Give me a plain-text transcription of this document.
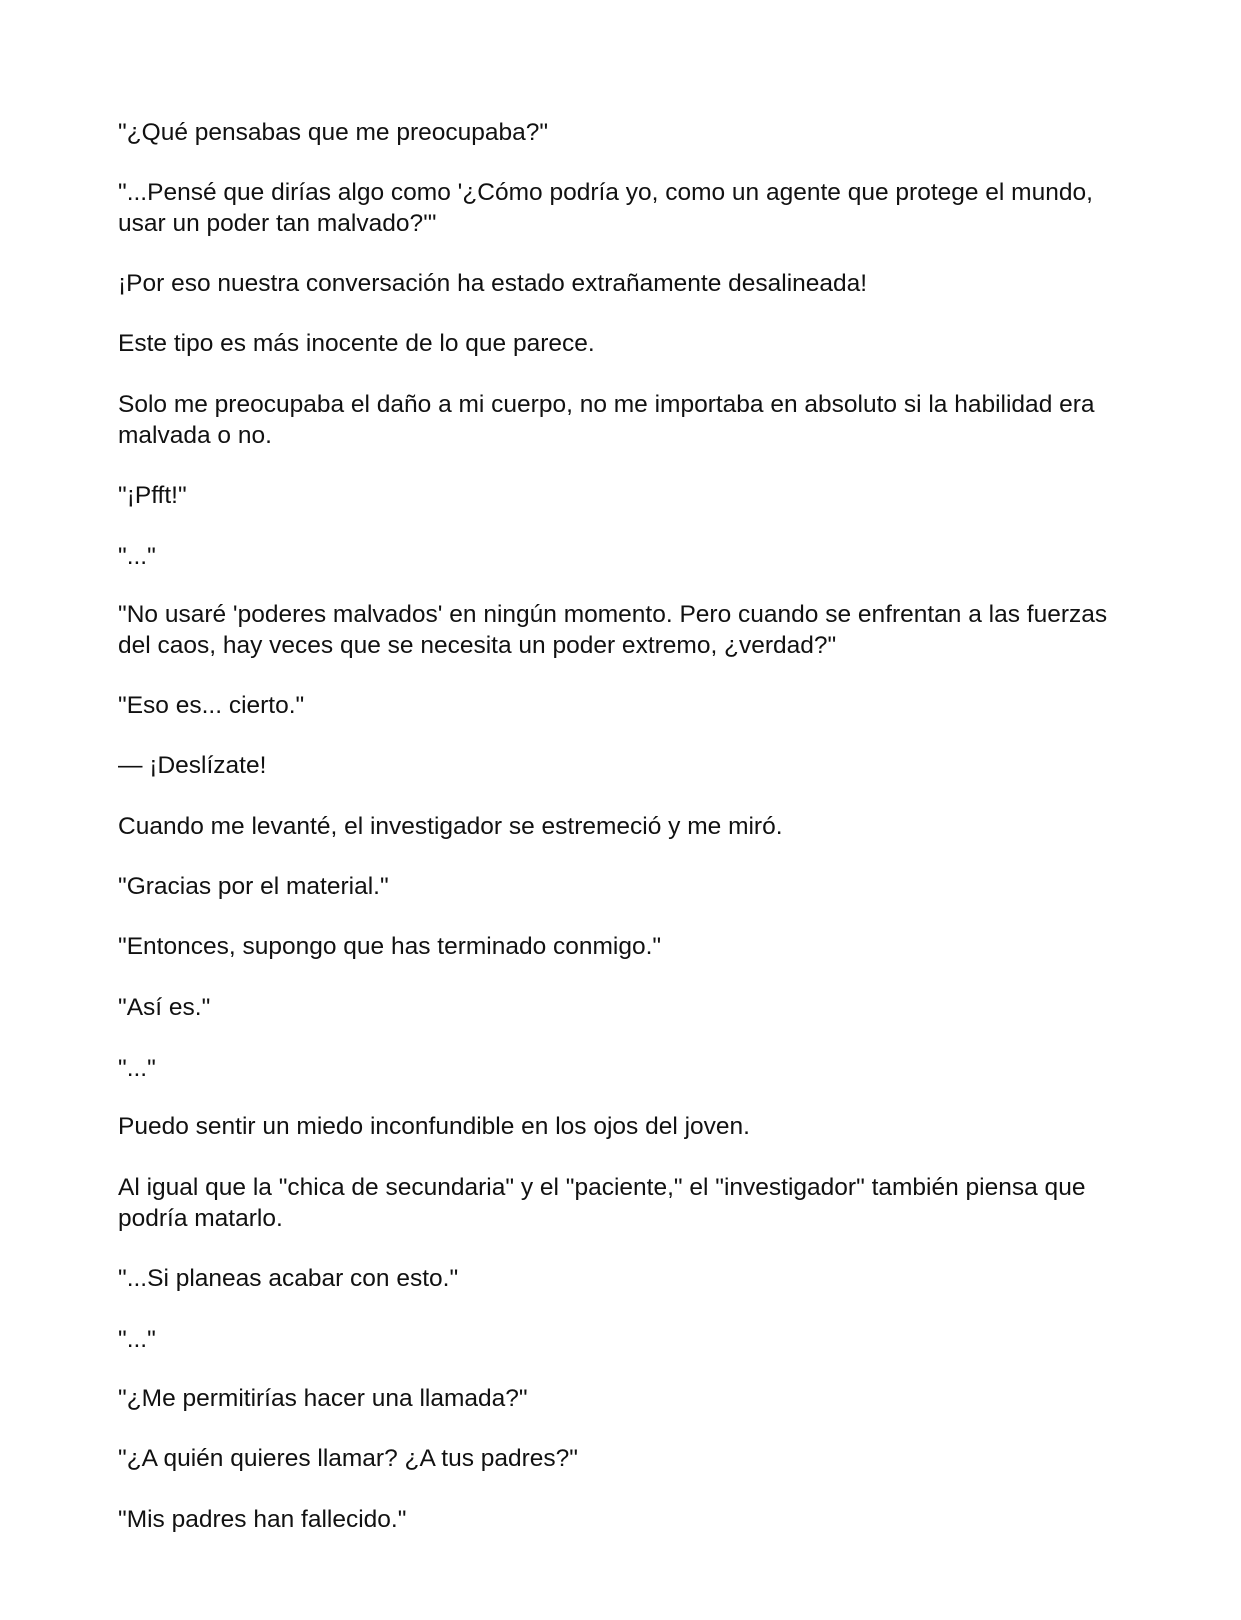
"¿Qué pensabas que me preocupaba?"

"...Pensé que dirías algo como '¿Cómo podría yo, como un agente que protege el mundo, usar un poder tan malvado?'"

¡Por eso nuestra conversación ha estado extrañamente desalineada!

Este tipo es más inocente de lo que parece.

Solo me preocupaba el daño a mi cuerpo, no me importaba en absoluto si la habilidad era malvada o no.

"¡Pfft!"

"..."

"No usaré 'poderes malvados' en ningún momento. Pero cuando se enfrentan a las fuerzas del caos, hay veces que se necesita un poder extremo, ¿verdad?"

"Eso es... cierto."

— ¡Deslízate!

Cuando me levanté, el investigador se estremeció y me miró.

"Gracias por el material."

"Entonces, supongo que has terminado conmigo."

"Así es."

"..."

Puedo sentir un miedo inconfundible en los ojos del joven.

Al igual que la "chica de secundaria" y el "paciente," el "investigador" también piensa que podría matarlo.

"...Si planeas acabar con esto."

"..."

"¿Me permitirías hacer una llamada?"

"¿A quién quieres llamar? ¿A tus padres?"

"Mis padres han fallecido."
